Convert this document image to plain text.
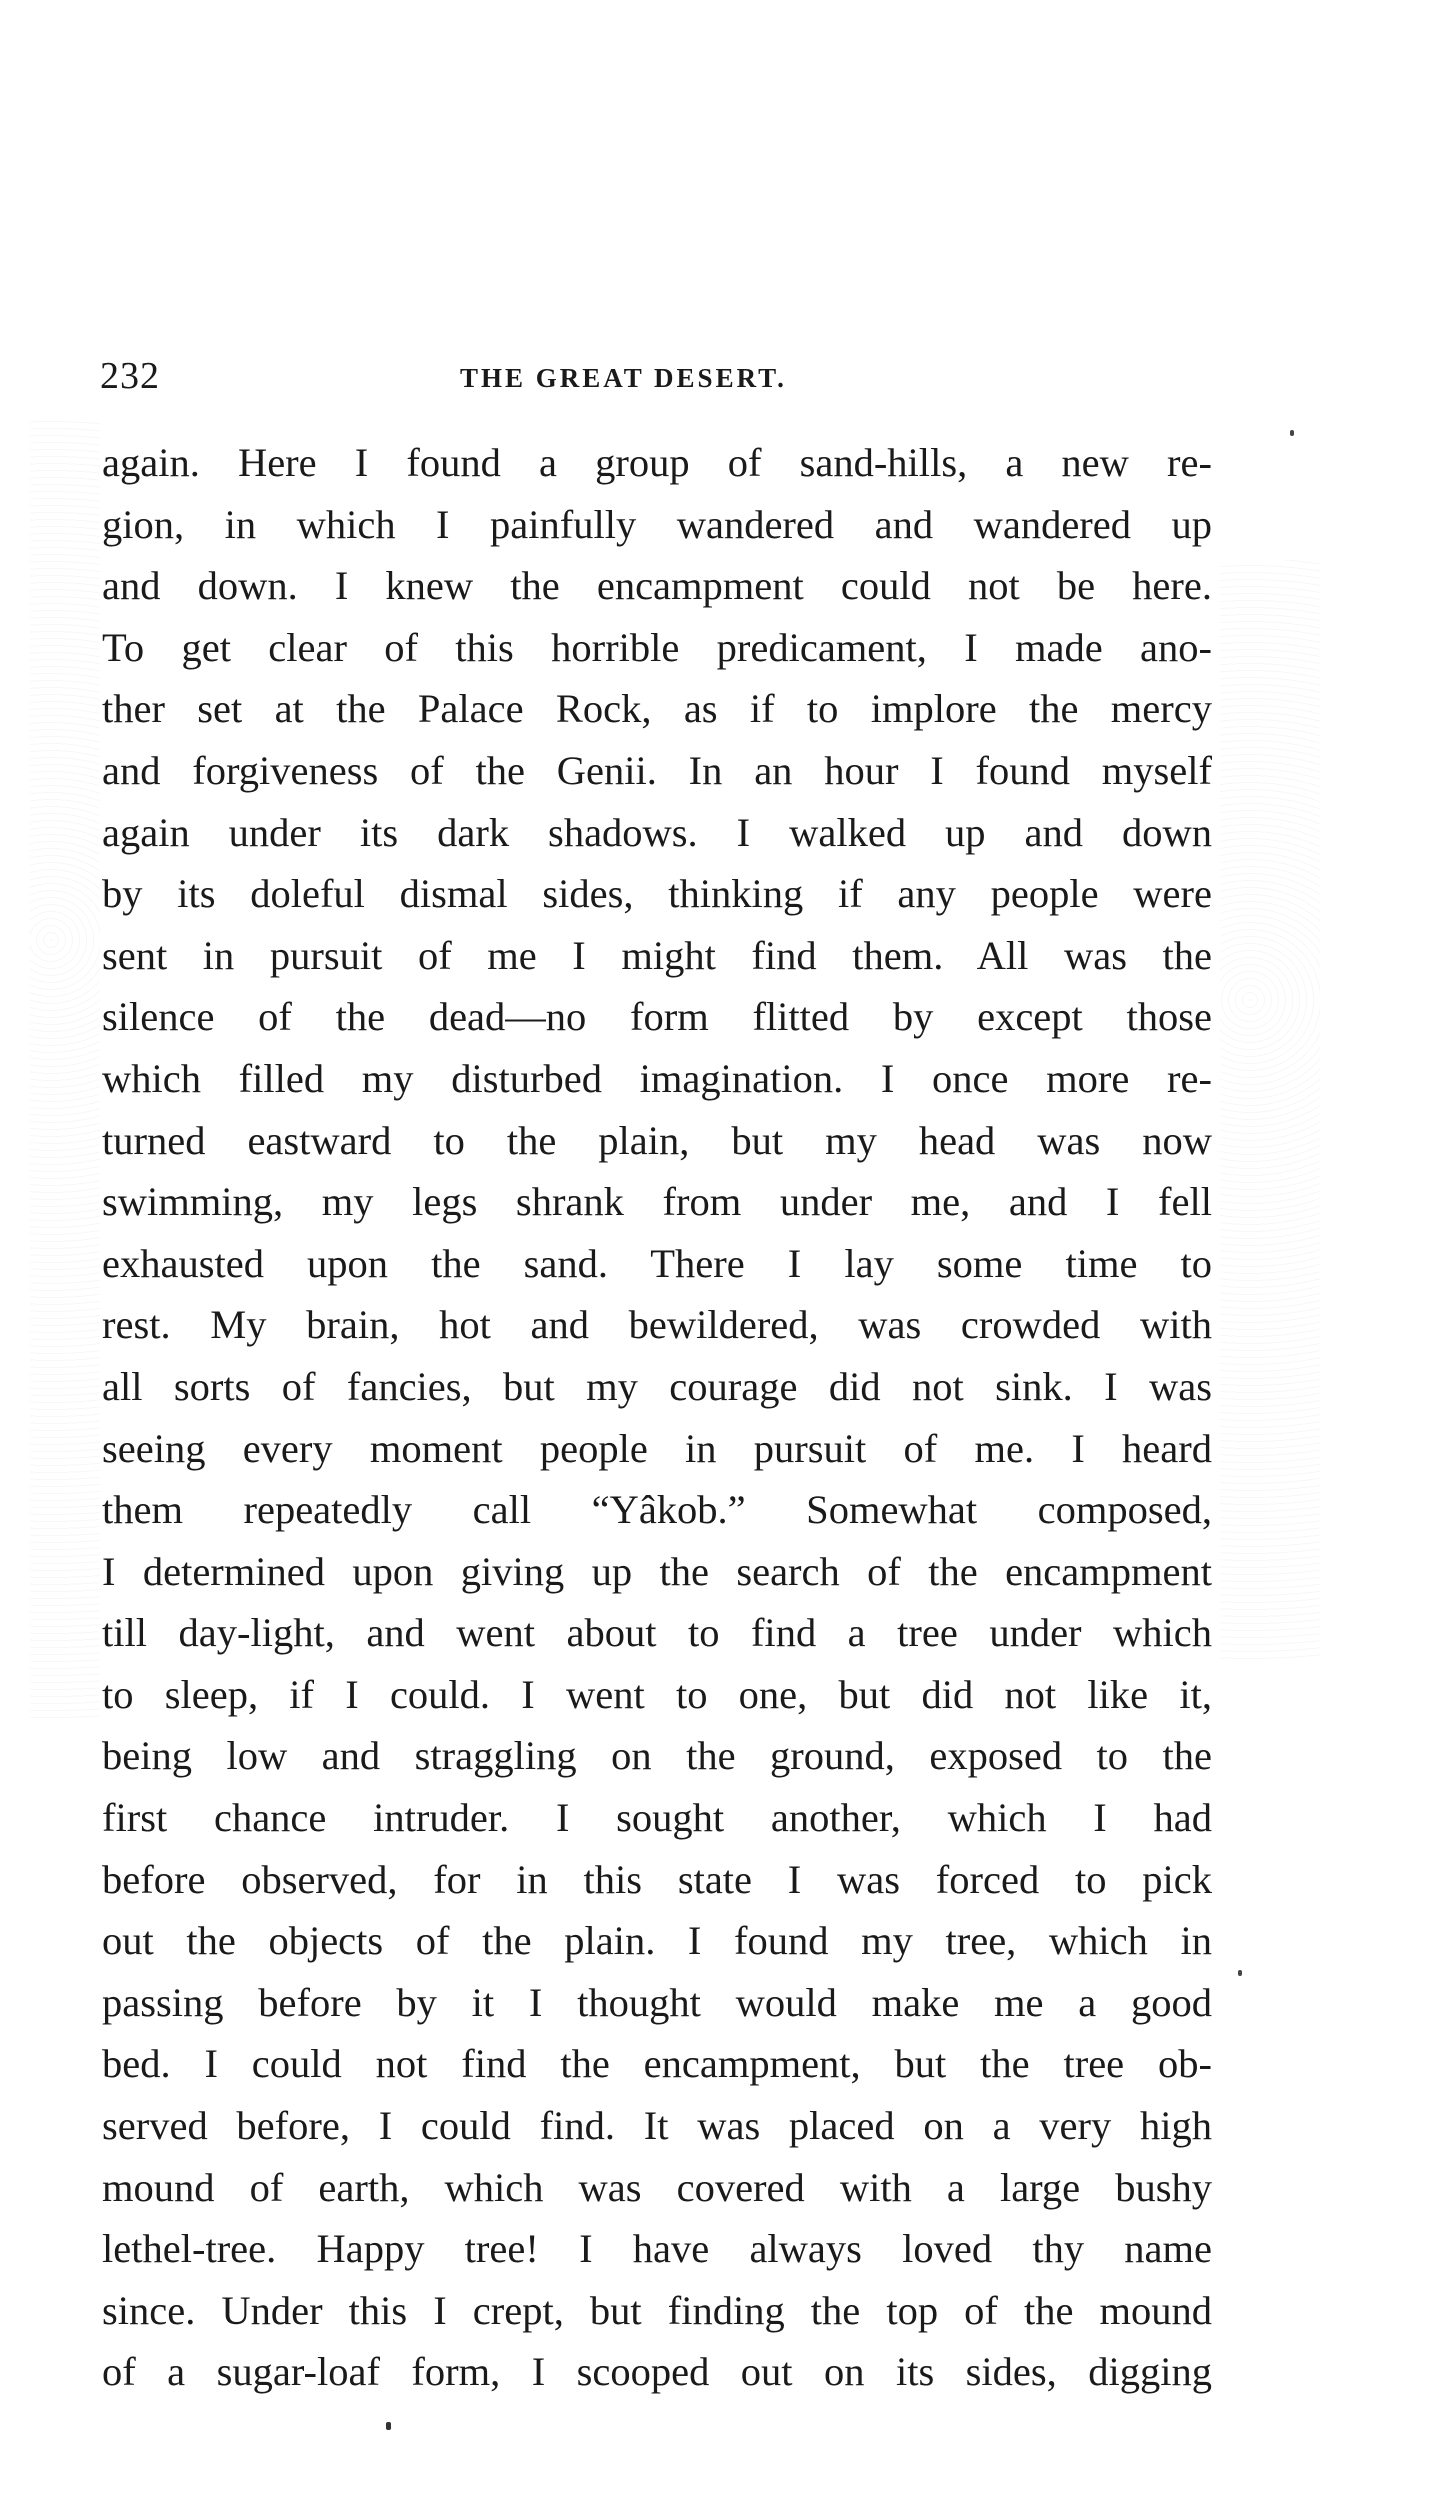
232	THE GREAT DESERT.
again. Here I found a group of sand-hills, a new re-
gion, in which I painfully wandered and wandered up
and down. I knew the encampment could not be here.
To get clear of this horrible predicament, I made ano-
ther set at the Palace Rock, as if to implore the mercy
and forgiveness of the Genii. In an hour I found myself
again under its dark shadows. I walked up and down
by its doleful dismal sides, thinking if any people were
sent in pursuit of me I might find them. All was the
silence of the dead—no form flitted by except those
which filled my disturbed imagination. I once more re-
turned eastward to the plain, but my head was now
swimming, my legs shrank from under me, and I fell
exhausted upon the sand. There I lay some time to
rest. My brain, hot and bewildered, was crowded with
all sorts of fancies, but my courage did not sink. I was
seeing every moment people in pursuit of me. I heard
them repeatedly call “Yâkob.” Somewhat composed,
I determined upon giving up the search of the encampment
till day-light, and went about to find a tree under which
to sleep, if I could. I went to one, but did not like it,
being low and straggling on the ground, exposed to the
first chance intruder. I sought another, which I had
before observed, for in this state I was forced to pick
out the objects of the plain. I found my tree, which in
passing before by it I thought would make me a good
bed. I could not find the encampment, but the tree ob-
served before, I could find. It was placed on a very high
mound of earth, which was covered with a large bushy
lethel-tree. Happy tree! I have always loved thy name
since. Under this I crept, but finding the top of the mound
of a sugar-loaf form, I scooped out on its sides, digging
